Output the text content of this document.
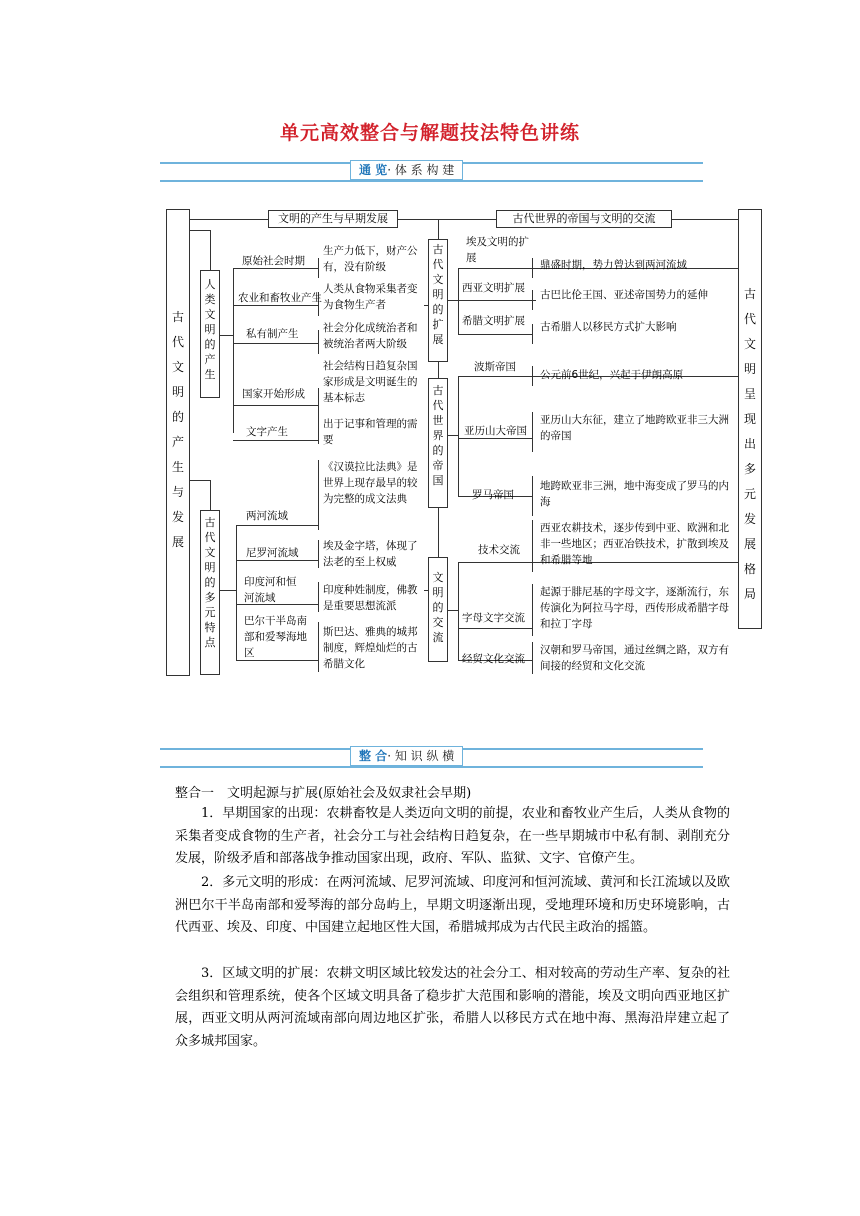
单元高效整合与解题技法特色讲练
通 览· 体 系 构 建
古代文明的产生与发展
古代文明呈现出多元发展格局
文明的产生与早期发展	古代世界的帝国与文明的交流
人类文明的产生
古代文明的多元特点
古代文明的扩展
古代世界的帝国
文明的交流
原始社会时期
农业和畜牧业产生
私有制产生
国家开始形成
文字产生
生产力低下，财产公有，没有阶级
人类从食物采集者变为食物生产者
社会分化成统治者和被统治者两大阶级
社会结构日趋复杂国家形成是文明诞生的基本标志
出于记事和管理的需要
两河流域
尼罗河流域
印度河和恒河流域
巴尔干半岛南部和爱琴海地区
《汉谟拉比法典》是世界上现存最早的较为完整的成文法典
埃及金字塔，体现了法老的至上权威
印度种姓制度，佛教是重要思想流派
斯巴达、雅典的城邦制度，辉煌灿烂的古希腊文化
埃及文明的扩展
西亚文明扩展
希腊文明扩展
鼎盛时期，势力曾达到两河流域
古巴比伦王国、亚述帝国势力的延伸
古希腊人以移民方式扩大影响
波斯帝国
亚历山大帝国
罗马帝国
公元前6世纪，兴起于伊朗高原
亚历山大东征，建立了地跨欧亚非三大洲的帝国
地跨欧亚非三洲，地中海变成了罗马的内海
技术交流
字母文字交流
经贸文化交流
西亚农耕技术，逐步传到中亚、欧洲和北非一些地区；西亚冶铁技术，扩散到埃及和希腊等地
起源于腓尼基的字母文字，逐渐流行，东传演化为阿拉马字母，西传形成希腊字母和拉丁字母
汉朝和罗马帝国，通过丝绸之路，双方有间接的经贸和文化交流
整 合· 知 识 纵 横
整合一　文明起源与扩展(原始社会及奴隶社会早期)
1．早期国家的出现：农耕畜牧是人类迈向文明的前提，农业和畜牧业产生后，人类从食物的采集者变成食物的生产者，社会分工与社会结构日趋复杂，在一些早期城市中私有制、剥削充分发展，阶级矛盾和部落战争推动国家出现，政府、军队、监狱、文字、官僚产生。
2．多元文明的形成：在两河流域、尼罗河流域、印度河和恒河流域、黄河和长江流域以及欧洲巴尔干半岛南部和爱琴海的部分岛屿上，早期文明逐渐出现，受地理环境和历史环境影响，古代西亚、埃及、印度、中国建立起地区性大国，希腊城邦成为古代民主政治的摇篮。
3．区域文明的扩展：农耕文明区域比较发达的社会分工、相对较高的劳动生产率、复杂的社会组织和管理系统，使各个区域文明具备了稳步扩大范围和影响的潜能，埃及文明向西亚地区扩展，西亚文明从两河流域南部向周边地区扩张，希腊人以移民方式在地中海、黑海沿岸建立起了众多城邦国家。
